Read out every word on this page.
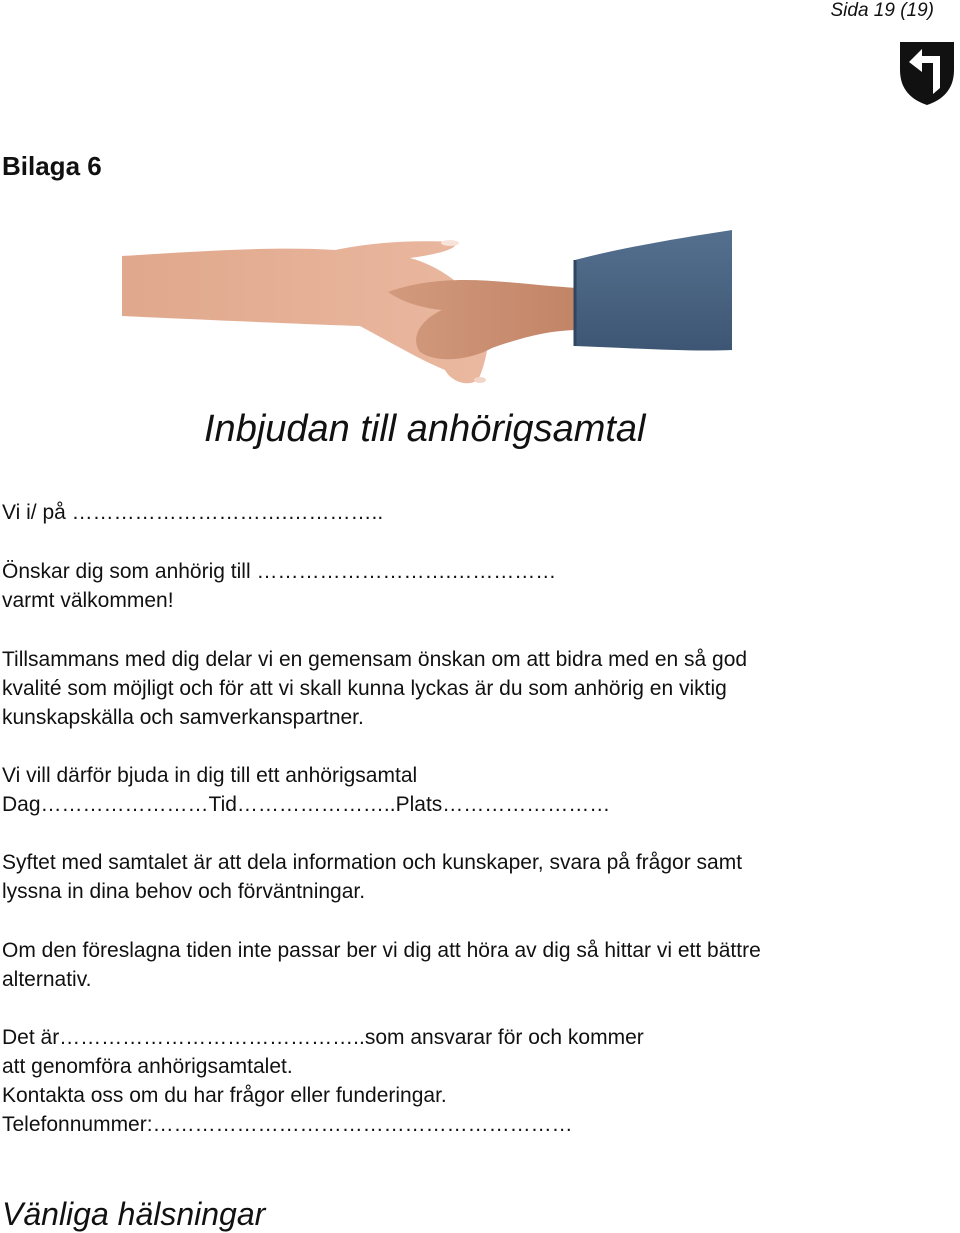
Sida 19 (19)
Bilaga 6
Inbjudan till anhörigsamtal
Vi i/ på ………………………….…………..
Önskar dig som anhörig till ……………………….……………
varmt välkommen!
Tillsammans med dig delar vi en gemensam önskan om att bidra med en så god
kvalité som möjligt och för att vi skall kunna lyckas är du som anhörig en viktig
kunskapskälla och samverkanspartner.
Vi vill därför bjuda in dig till ett anhörigsamtal
Dag……………………Tid…………………..Plats……………………
Syftet med samtalet är att dela information och kunskaper, svara på frågor samt
lyssna in dina behov och förväntningar.
Om den föreslagna tiden inte passar ber vi dig att höra av dig så hittar vi ett bättre
alternativ.
Det är……………………………………..som ansvarar för och kommer
att genomföra anhörigsamtalet.
Kontakta oss om du har frågor eller funderingar.
Telefonnummer:……………………………………………………
Vänliga hälsningar
